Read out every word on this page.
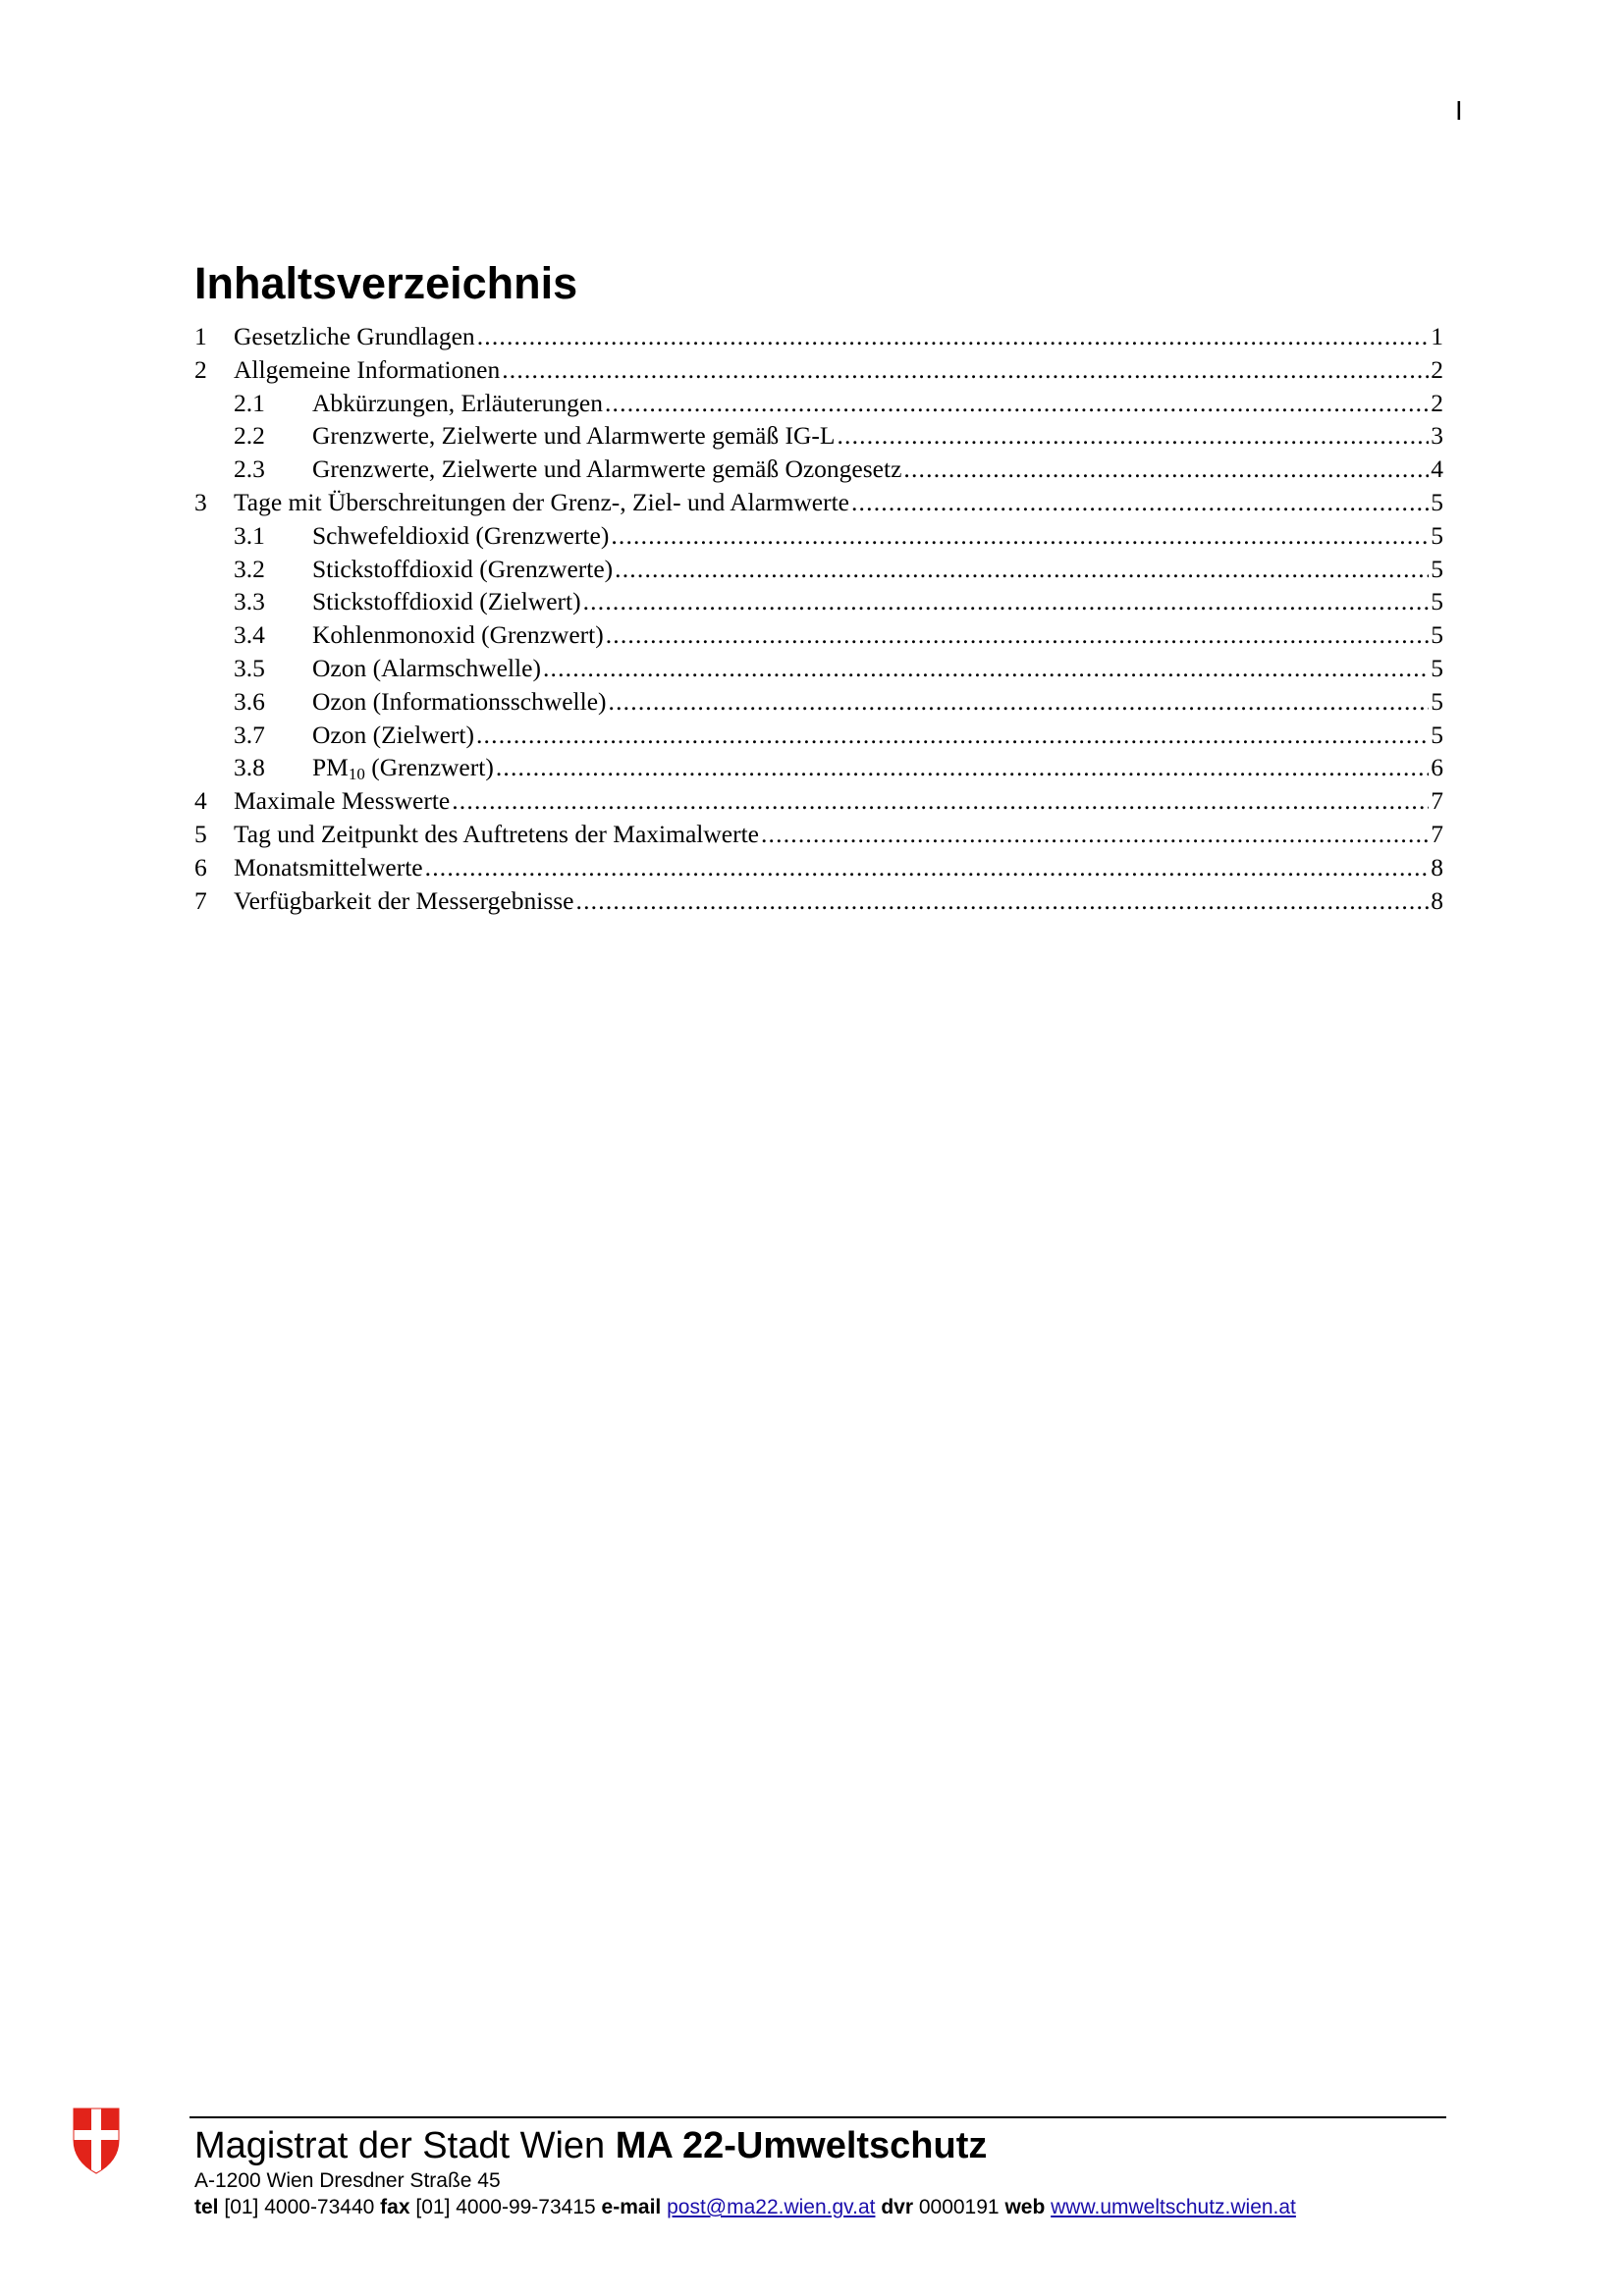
I
Inhaltsverzeichnis
1	Gesetzliche Grundlagen .....	1
2	Allgemeine Informationen .....	2
2.1	Abkürzungen, Erläuterungen .....	2
2.2	Grenzwerte, Zielwerte und Alarmwerte gemäß IG-L .....	3
2.3	Grenzwerte, Zielwerte und Alarmwerte gemäß Ozongesetz .....	4
3	Tage mit Überschreitungen der Grenz-, Ziel- und Alarmwerte .....	5
3.1	Schwefeldioxid (Grenzwerte) .....	5
3.2	Stickstoffdioxid (Grenzwerte) .....	5
3.3	Stickstoffdioxid (Zielwert) .....	5
3.4	Kohlenmonoxid (Grenzwert) .....	5
3.5	Ozon (Alarmschwelle) .....	5
3.6	Ozon (Informationsschwelle) .....	5
3.7	Ozon (Zielwert) .....	5
3.8	PM10 (Grenzwert) .....	6
4	Maximale Messwerte .....	7
5	Tag und Zeitpunkt des Auftretens der Maximalwerte .....	7
6	Monatsmittelwerte .....	8
7	Verfügbarkeit der Messergebnisse .....	8
Magistrat der Stadt Wien MA 22-Umweltschutz
A-1200 Wien Dresdner Straße 45
tel [01] 4000-73440 fax [01] 4000-99-73415 e-mail post@ma22.wien.gv.at dvr 0000191 web www.umweltschutz.wien.at
